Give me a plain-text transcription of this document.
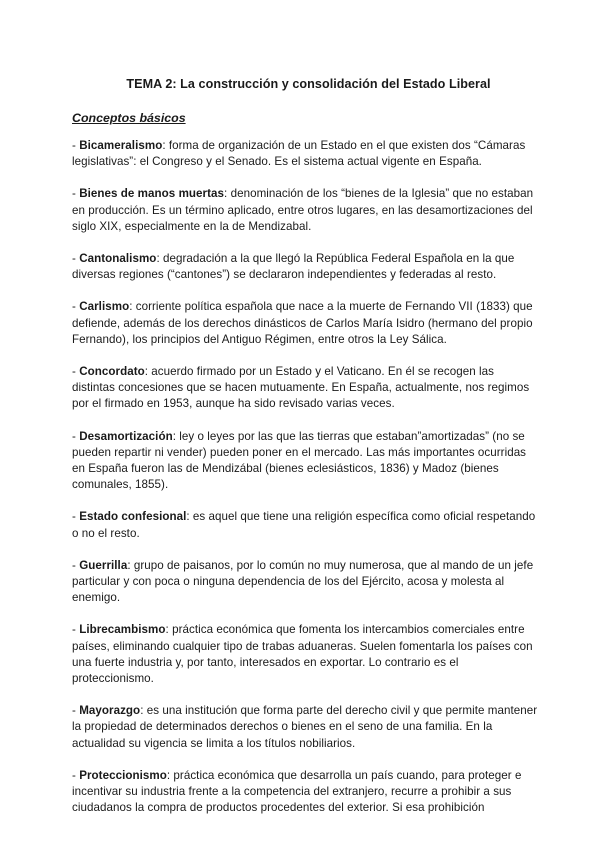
TEMA 2: La construcción y consolidación del Estado Liberal
Conceptos básicos

- Bicameralismo: forma de organización de un Estado en el que existen dos “Cámaras legislativas”: el Congreso y el Senado. Es el sistema actual vigente en España.

- Bienes de manos muertas: denominación de los “bienes de la Iglesia” que no estaban en producción. Es un término aplicado, entre otros lugares, en las desamortizaciones del siglo XIX, especialmente en la de Mendizabal.

- Cantonalismo: degradación a la que llegó la República Federal Española en la que diversas regiones (“cantones”) se declararon independientes y federadas al resto.

- Carlismo: corriente política española que nace a la muerte de Fernando VII (1833) que defiende, además de los derechos dinásticos de Carlos María Isidro (hermano del propio Fernando), los principios del Antiguo Régimen, entre otros la Ley Sálica.

- Concordato: acuerdo firmado por un Estado y el Vaticano. En él se recogen las distintas concesiones que se hacen mutuamente. En España, actualmente, nos regimos por el firmado en 1953, aunque ha sido revisado varias veces.

- Desamortización: ley o leyes por las que las tierras que estaban”amortizadas” (no se pueden repartir ni vender) pueden poner en el mercado. Las más importantes ocurridas en España fueron las de Mendizábal (bienes eclesiásticos, 1836) y Madoz (bienes comunales, 1855).

- Estado confesional: es aquel que tiene una religión específica como oficial respetando o no el resto.

- Guerrilla: grupo de paisanos, por lo común no muy numerosa, que al mando de un jefe particular y con poca o ninguna dependencia de los del Ejército, acosa y molesta al enemigo.

- Librecambismo: práctica económica que fomenta los intercambios comerciales entre países, eliminando cualquier tipo de trabas aduaneras. Suelen fomentarla los países con una fuerte industria y, por tanto, interesados en exportar. Lo contrario es el proteccionismo.

- Mayorazgo: es una institución que forma parte del derecho civil y que permite mantener la propiedad de determinados derechos o bienes en el seno de una familia. En la actualidad su vigencia se limita a los títulos nobiliarios.

- Proteccionismo: práctica económica que desarrolla un país cuando, para proteger e incentivar su industria frente a la competencia del extranjero, recurre a prohibir a sus ciudadanos la compra de productos procedentes del exterior. Si esa prohibición
